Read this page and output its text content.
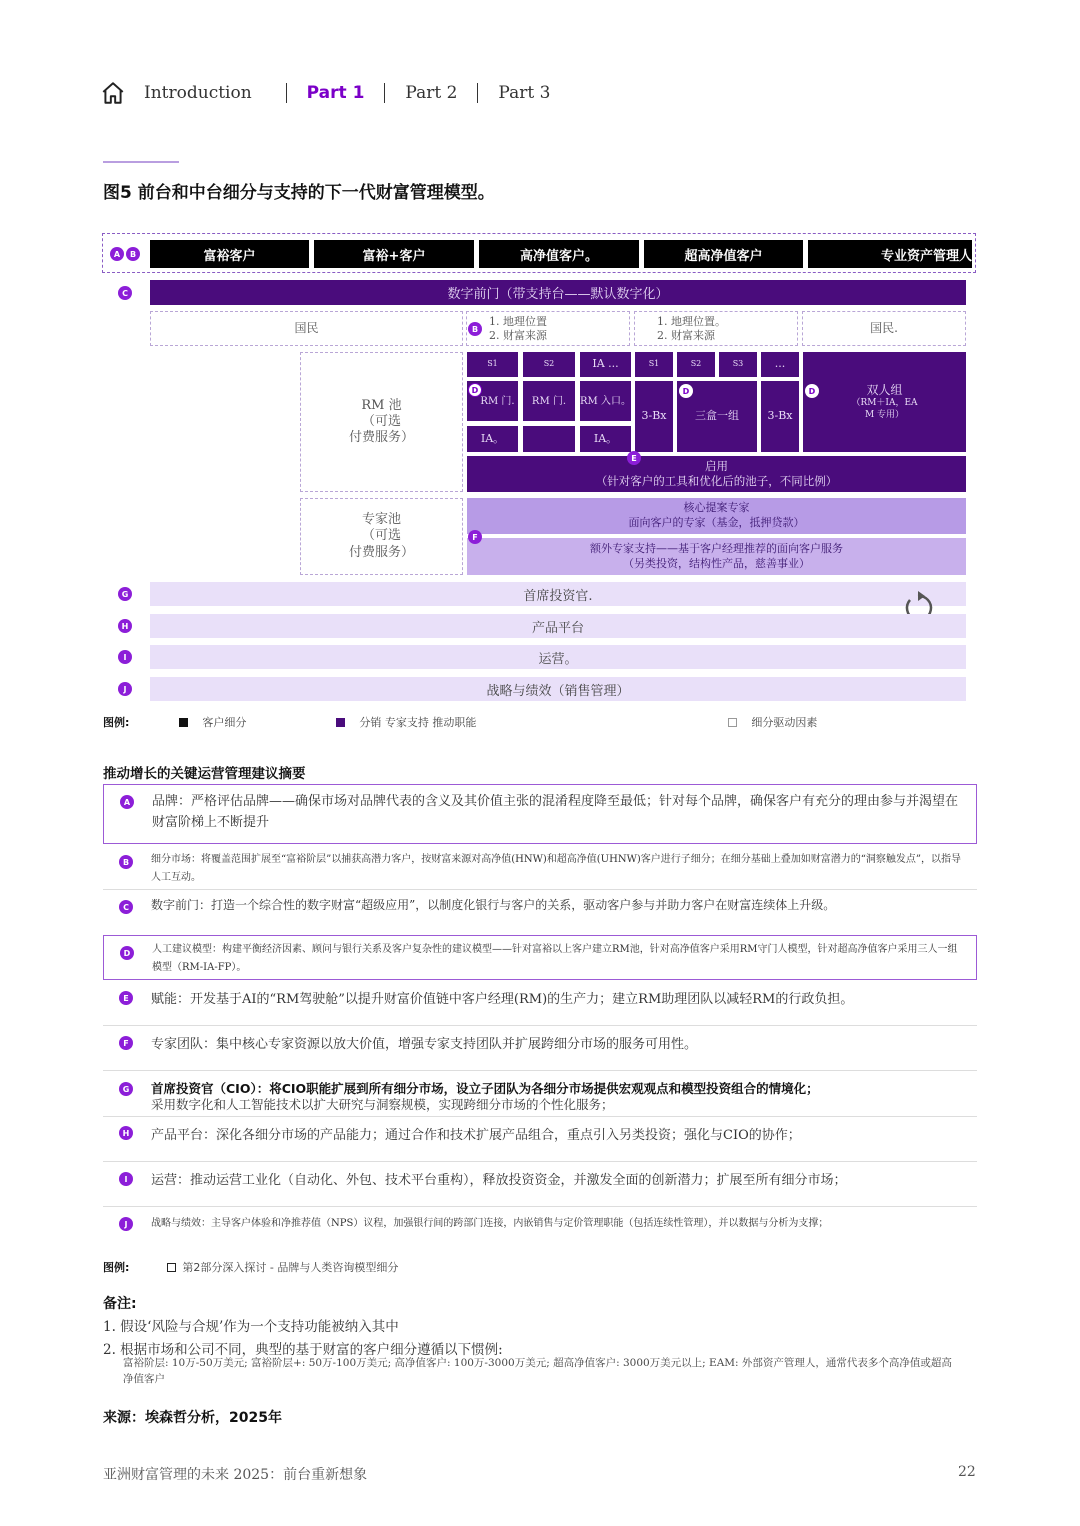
Introduction	Part 1 Part 2 Part 3
图5 前台和中台细分与支持的下一代财富管理模型。
A	B	富裕客户	富裕+客户	高净值客户。	超高净值客户	专业资产管理人
C	数字前门（带支持台——默认数字化）
国民	B
1. 地理位置
2. 财富来源
1. 地理位置。
2. 财富来源	国民.
RM 池
（可选
付费服务）
S1	S2	IA ...	S1	S2	S3	...
RM 门.	RM 门.	RM 入口。
D
IA。	IA。
3-Bx	三盒一组
D
3-Bx
双人组
（RM＋IA，EA
M 专用）
D
E
启用
（针对客户的工具和优化后的池子，不同比例）
专家池
（可选
付费服务）
F
核心提案专家
面向客户的专家（基金，抵押贷款）
额外专家支持——基于客户经理推荐的面向客户服务
（另类投资，结构性产品，慈善事业）
G	首席投资官.
H	产品平台
I	运营。
J	战略与绩效（销售管理）
图例:	客户细分	分销 专家支持 推动职能	细分驱动因素
推动增长的关键运营管理建议摘要
A	品牌：严格评估品牌——确保市场对品牌代表的含义及其价值主张的混淆程度降至最低；针对每个品牌，确保客户有充分的理由参与并渴望在财富阶梯上不断提升
B	细分市场：将覆盖范围扩展至“富裕阶层”以捕获高潜力客户，按财富来源对高净值(HNW)和超高净值(UHNW)客户进行子细分；在细分基础上叠加如财富潜力的“洞察触发点”，以指导人工互动。
C	数字前门：打造一个综合性的数字财富“超级应用”，以制度化银行与客户的关系，驱动客户参与并助力客户在财富连续体上升级。
D	人工建议模型：构建平衡经济因素、顾问与银行关系及客户复杂性的建议模型——针对富裕以上客户建立RM池，针对高净值客户采用RM守门人模型，针对超高净值客户采用三人一组模型（RM-IA-FP）。
E	赋能：开发基于AI的“RM驾驶舱”以提升财富价值链中客户经理(RM)的生产力；建立RM助理团队以减轻RM的行政负担。
F	专家团队：集中核心专家资源以放大价值，增强专家支持团队并扩展跨细分市场的服务可用性。
G 首席投资官（CIO）：将CIO职能扩展到所有细分市场，设立子团队为各细分市场提供宏观观点和模型投资组合的情境化；
采用数字化和人工智能技术以扩大研究与洞察规模，实现跨细分市场的个性化服务；
H 产品平台：深化各细分市场的产品能力；通过合作和技术扩展产品组合，重点引入另类投资；强化与CIO的协作；
I	运营：推动运营工业化（自动化、外包、技术平台重构），释放投资资金，并激发全面的创新潜力；扩展至所有细分市场；
J	战略与绩效：主导客户体验和净推荐值（NPS）议程，加强银行间的跨部门连接，内嵌销售与定价管理职能（包括连续性管理），并以数据与分析为支撑；
图例:	第2部分深入探讨 - 品牌与人类咨询模型细分
备注:
1. 假设‘风险与合规’作为一个支持功能被纳入其中
2. 根据市场和公司不同，典型的基于财富的客户细分遵循以下惯例:
富裕阶层: 10万-50万美元; 富裕阶层+: 50万-100万美元; 高净值客户: 100万-3000万美元; 超高净值客户: 3000万美元以上; EAM: 外部资产管理人，通常代表多个高净值或超高净值客户
来源：埃森哲分析，2025年
亚洲财富管理的未来 2025：前台重新想象	22
